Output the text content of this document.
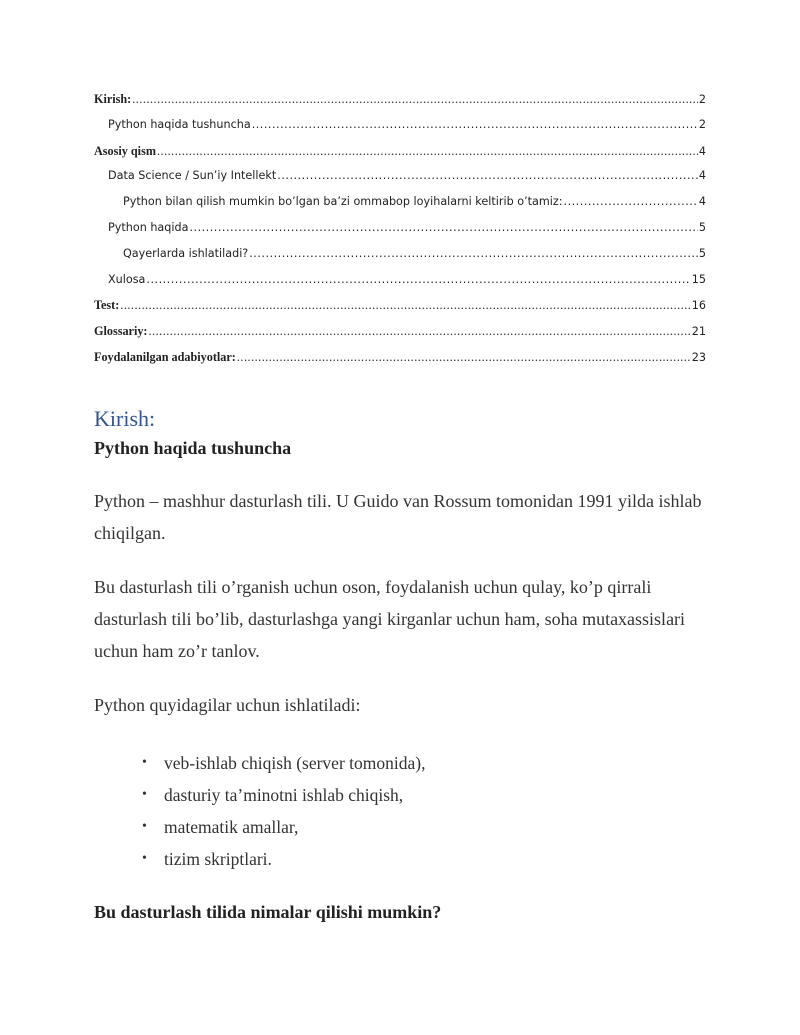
Kirish: .....	2
Python haqida tushuncha .....	2
Asosiy qism .....	4
Data Science / Sun’iy Intellekt .....	4
Python bilan qilish mumkin bo’lgan ba’zi ommabop loyihalarni keltirib o’tamiz: .....	4
Python haqida .....	5
Qayerlarda ishlatiladi? .....	5
Xulosa .....	15
Test: .....	16
Glossariy: .....	21
Foydalanilgan adabiyotlar: .....	23
Kirish:
Python haqida tushuncha

Python – mashhur dasturlash tili. U Guido van Rossum tomonidan 1991 yilda ishlab chiqilgan.

Bu dasturlash tili o’rganish uchun oson, foydalanish uchun qulay, ko’p qirrali dasturlash tili bo’lib, dasturlashga yangi kirganlar uchun ham, soha mutaxassislari uchun ham zo’r tanlov.

Python quyidagilar uchun ishlatiladi:

• veb-ishlab chiqish (server tomonida),
• dasturiy ta’minotni ishlab chiqish,
• matematik amallar,
• tizim skriptlari.
Bu dasturlash tilida nimalar qilishi mumkin?
